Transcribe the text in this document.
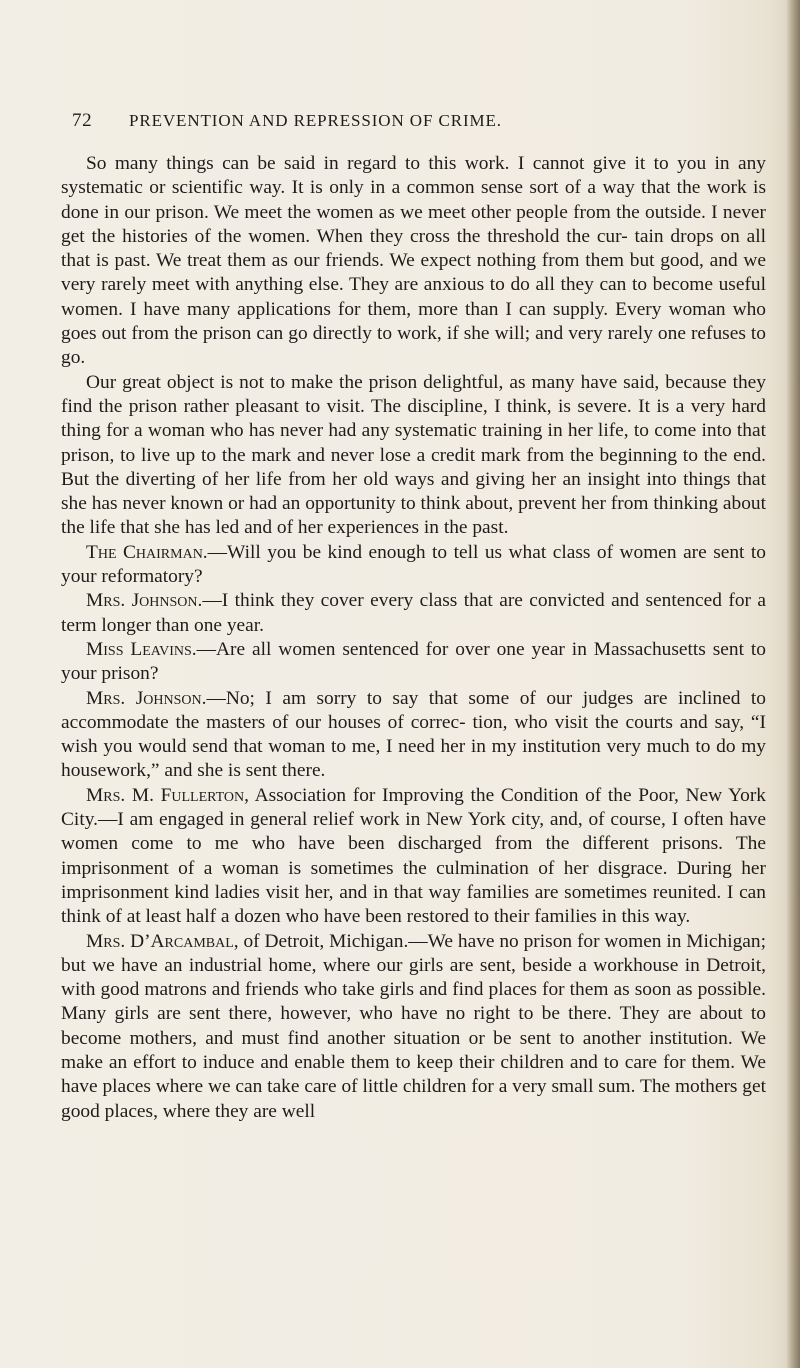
72 PREVENTION AND REPRESSION OF CRIME.

So many things can be said in regard to this work. I cannot give it to you in any systematic or scientific way. It is only in a common sense sort of a way that the work is done in our prison. We meet the women as we meet other people from the outside. I never get the histories of the women. When they cross the threshold the cur- tain drops on all that is past. We treat them as our friends. We expect nothing from them but good, and we very rarely meet with anything else. They are anxious to do all they can to become useful women. I have many applications for them, more than I can supply. Every woman who goes out from the prison can go directly to work, if she will; and very rarely one refuses to go.

Our great object is not to make the prison delightful, as many have said, because they find the prison rather pleasant to visit. The discipline, I think, is severe. It is a very hard thing for a woman who has never had any systematic training in her life, to come into that prison, to live up to the mark and never lose a credit mark from the beginning to the end. But the diverting of her life from her old ways and giving her an insight into things that she has never known or had an opportunity to think about, prevent her from thinking about the life that she has led and of her experiences in the past.

The Chairman.—Will you be kind enough to tell us what class of women are sent to your reformatory?

Mrs. Johnson.—I think they cover every class that are convicted and sentenced for a term longer than one year.

Miss Leavins.—Are all women sentenced for over one year in Massachusetts sent to your prison?

Mrs. Johnson.—No; I am sorry to say that some of our judges are inclined to accommodate the masters of our houses of correc- tion, who visit the courts and say, “I wish you would send that woman to me, I need her in my institution very much to do my housework,” and she is sent there.

Mrs. M. Fullerton, Association for Improving the Condition of the Poor, New York City.—I am engaged in general relief work in New York city, and, of course, I often have women come to me who have been discharged from the different prisons. The imprisonment of a woman is sometimes the culmination of her disgrace. During her imprisonment kind ladies visit her, and in that way families are sometimes reunited. I can think of at least half a dozen who have been restored to their families in this way.

Mrs. D’Arcambal, of Detroit, Michigan.—We have no prison for women in Michigan; but we have an industrial home, where our girls are sent, beside a workhouse in Detroit, with good matrons and friends who take girls and find places for them as soon as possible. Many girls are sent there, however, who have no right to be there. They are about to become mothers, and must find another situation or be sent to another institution. We make an effort to induce and enable them to keep their children and to care for them. We have places where we can take care of little children for a very small sum. The mothers get good places, where they are well
